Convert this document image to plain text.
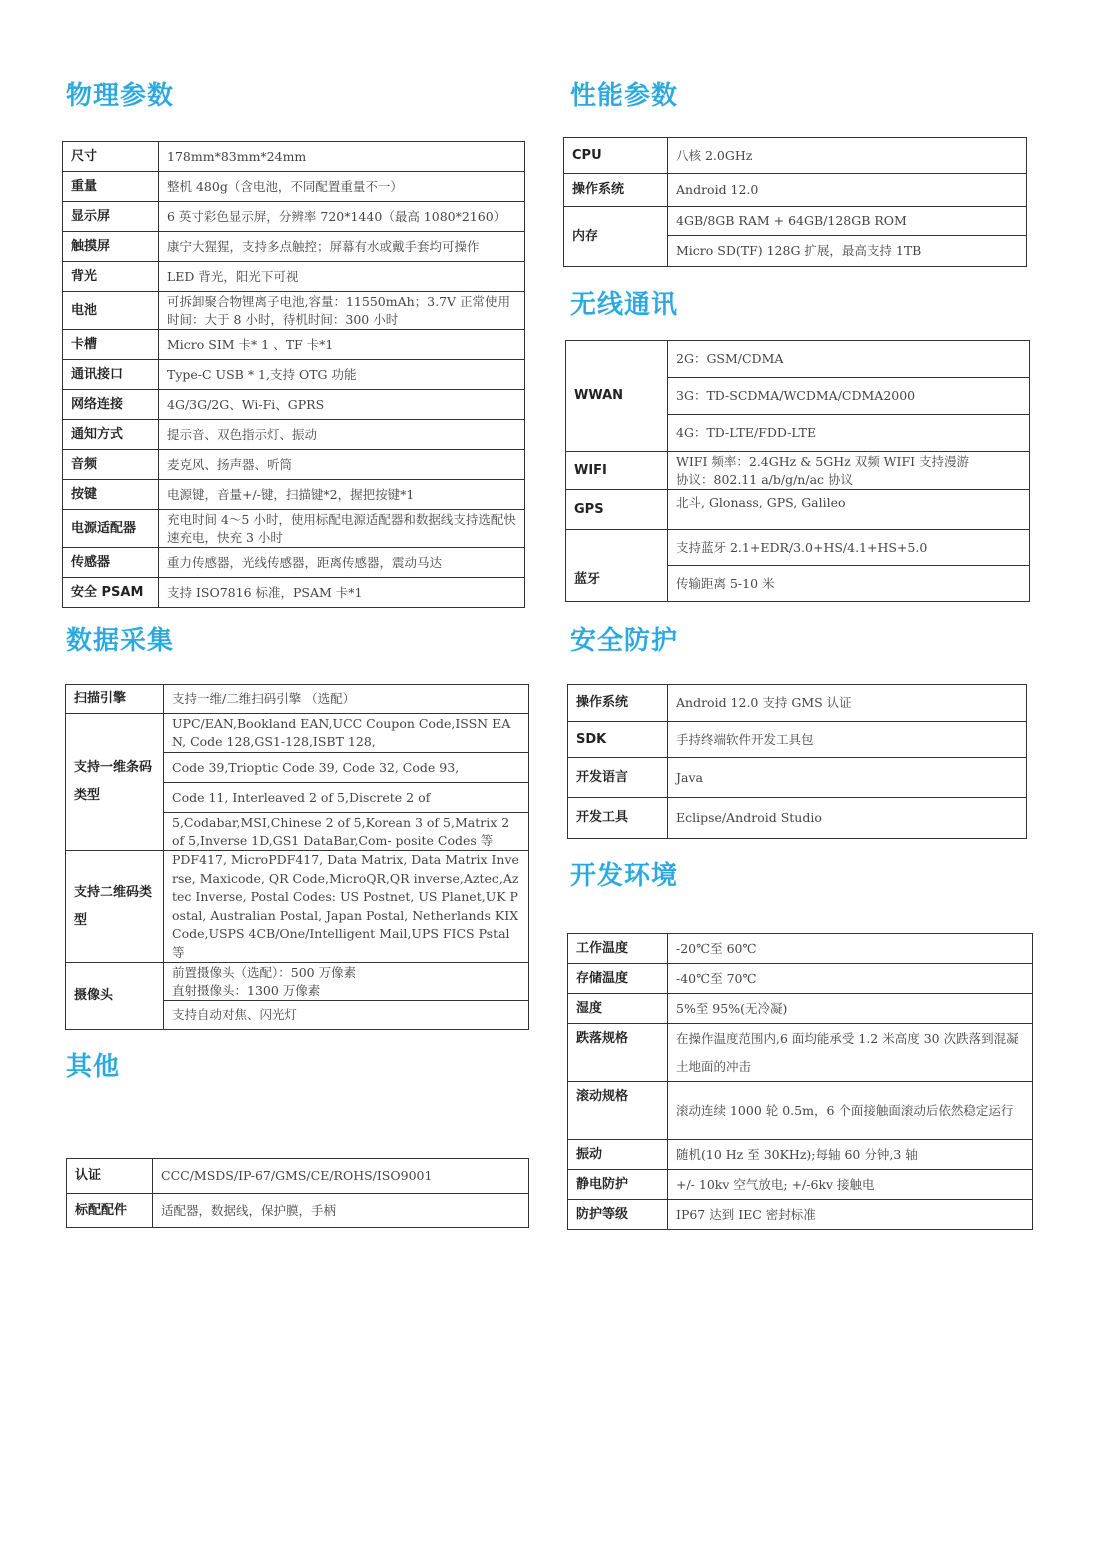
物理参数
尺寸	178mm*83mm*24mm
重量	整机 480g（含电池，不同配置重量不一）
显示屏	6 英寸彩色显示屏，分辨率 720*1440（最高 1080*2160）
触摸屏	康宁大猩猩，支持多点触控；屏幕有水或戴手套均可操作
背光	LED 背光，阳光下可视
电池	可拆卸聚合物锂离子电池,容量：11550mAh；3.7V 正常使用时间：大于 8 小时，待机时间：300 小时
卡槽	Micro SIM 卡* 1 、TF 卡*1
通讯接口	Type-C USB * 1,支持 OTG 功能
网络连接	4G/3G/2G、Wi-Fi、GPRS
通知方式	提示音、双色指示灯、振动
音频	麦克风、扬声器、听筒
按键	电源键，音量+/-键，扫描键*2，握把按键*1
电源适配器	充电时间 4～5 小时，使用标配电源适配器和数据线支持选配快速充电，快充 3 小时
传感器	重力传感器，光线传感器，距离传感器，震动马达
安全 PSAM	支持 ISO7816 标准，PSAM 卡*1
性能参数
CPU	八核 2.0GHz
操作系统	Android 12.0
内存	4GB/8GB RAM + 64GB/128GB ROM
	Micro SD(TF) 128G 扩展，最高支持 1TB
无线通讯
WWAN	2G：GSM/CDMA
	3G：TD-SCDMA/WCDMA/CDMA2000
	4G：TD-LTE/FDD-LTE
WIFI	WIFI 频率：2.4GHz & 5GHz 双频 WIFI 支持漫游
协议：802.11 a/b/g/n/ac 协议

GPS	北斗, Glonass, GPS, Galileo
蓝牙	支持蓝牙 2.1+EDR/3.0+HS/4.1+HS+5.0
	传输距离 5-10 米
数据采集
扫描引擎	支持一维/二维扫码引擎 （选配）
支持一维条码类型	UPC/EAN,Bookland EAN,UCC Coupon Code,ISSN EAN, Code 128,GS1-128,ISBT 128,
	Code 39,Trioptic Code 39, Code 32, Code 93,
	Code 11, Interleaved 2 of 5,Discrete 2 of
	5,Codabar,MSI,Chinese 2 of 5,Korean 3 of 5,Matrix 2 of 5,Inverse 1D,GS1 DataBar,Com- posite Codes 等
支持二维码类型	PDF417, MicroPDF417, Data Matrix, Data Matrix Inverse, Maxicode, QR Code,MicroQR,QR inverse,Aztec,Aztec Inverse, Postal Codes: US Postnet, US Planet,UK Postal, Australian Postal, Japan Postal, Netherlands KIX Code,USPS 4CB/One/Intelligent Mail,UPS FICS Pstal 等
摄像头	前置摄像头（选配）：500 万像素
直射摄像头：1300 万像素

	支持自动对焦、闪光灯
安全防护
操作系统	Android 12.0 支持 GMS 认证
SDK	手持终端软件开发工具包
开发语言	Java
开发工具	Eclipse/Android Studio
开发环境
工作温度	-20℃至 60℃
存储温度	-40℃至 70℃
湿度	5%至 95%(无冷凝)
跌落规格	在操作温度范围内,6 面均能承受 1.2 米高度 30 次跌落到混凝土地面的冲击
滚动规格	滚动连续 1000 轮 0.5m，6 个面接触面滚动后依然稳定运行
振动	随机(10 Hz 至 30KHz);每轴 60 分钟,3 轴
静电防护	+/- 10kv 空气放电; +/-6kv 接触电
防护等级	IP67 达到 IEC 密封标准
其他
认证	CCC/MSDS/IP-67/GMS/CE/ROHS/ISO9001
标配配件	适配器，数据线，保护膜，手柄
